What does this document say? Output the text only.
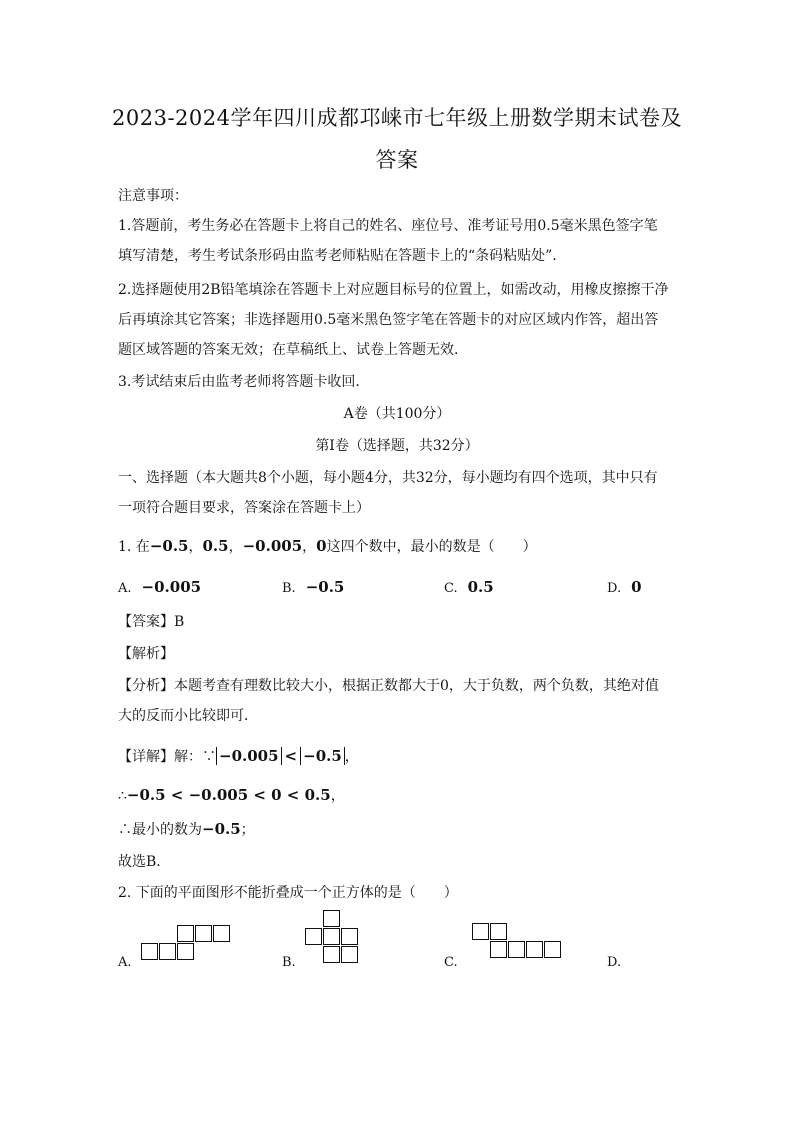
2023-2024学年四川成都邛崃市七年级上册数学期末试卷及
答案
注意事项：
1.答题前，考生务必在答题卡上将自己的姓名、座位号、准考证号用0.5毫米黑色签字笔
填写清楚，考生考试条形码由监考老师粘贴在答题卡上的“条码粘贴处”．
2.选择题使用2B铅笔填涂在答题卡上对应题目标号的位置上，如需改动，用橡皮擦擦干净
后再填涂其它答案；非选择题用0.5毫米黑色签字笔在答题卡的对应区域内作答，超出答
题区域答题的答案无效；在草稿纸上、试卷上答题无效.
3.考试结束后由监考老师将答题卡收回.
A卷（共100分）
第Ⅰ卷（选择题，共32分）
一、选择题（本大题共8个小题，每小题4分，共32分，每小题均有四个选项，其中只有
一项符合题目要求，答案涂在答题卡上）
1. 在−0.5，0.5，−0.005，0这四个数中，最小的数是（　　）
A. −0.005	B. −0.5	C. 0.5	D. 0
【答案】B
【解析】
【分析】本题考查有理数比较大小，根据正数都大于0，大于负数，两个负数，其绝对值
大的反而小比较即可．
【详解】解：∵ −0.005 < −0.5 ，
∴−0.5 < −0.005 < 0 < 0.5，
∴最小的数为−0.5；
故选B．
2. 下面的平面图形不能折叠成一个正方体的是（　　）
A.	B.	C.	D.
